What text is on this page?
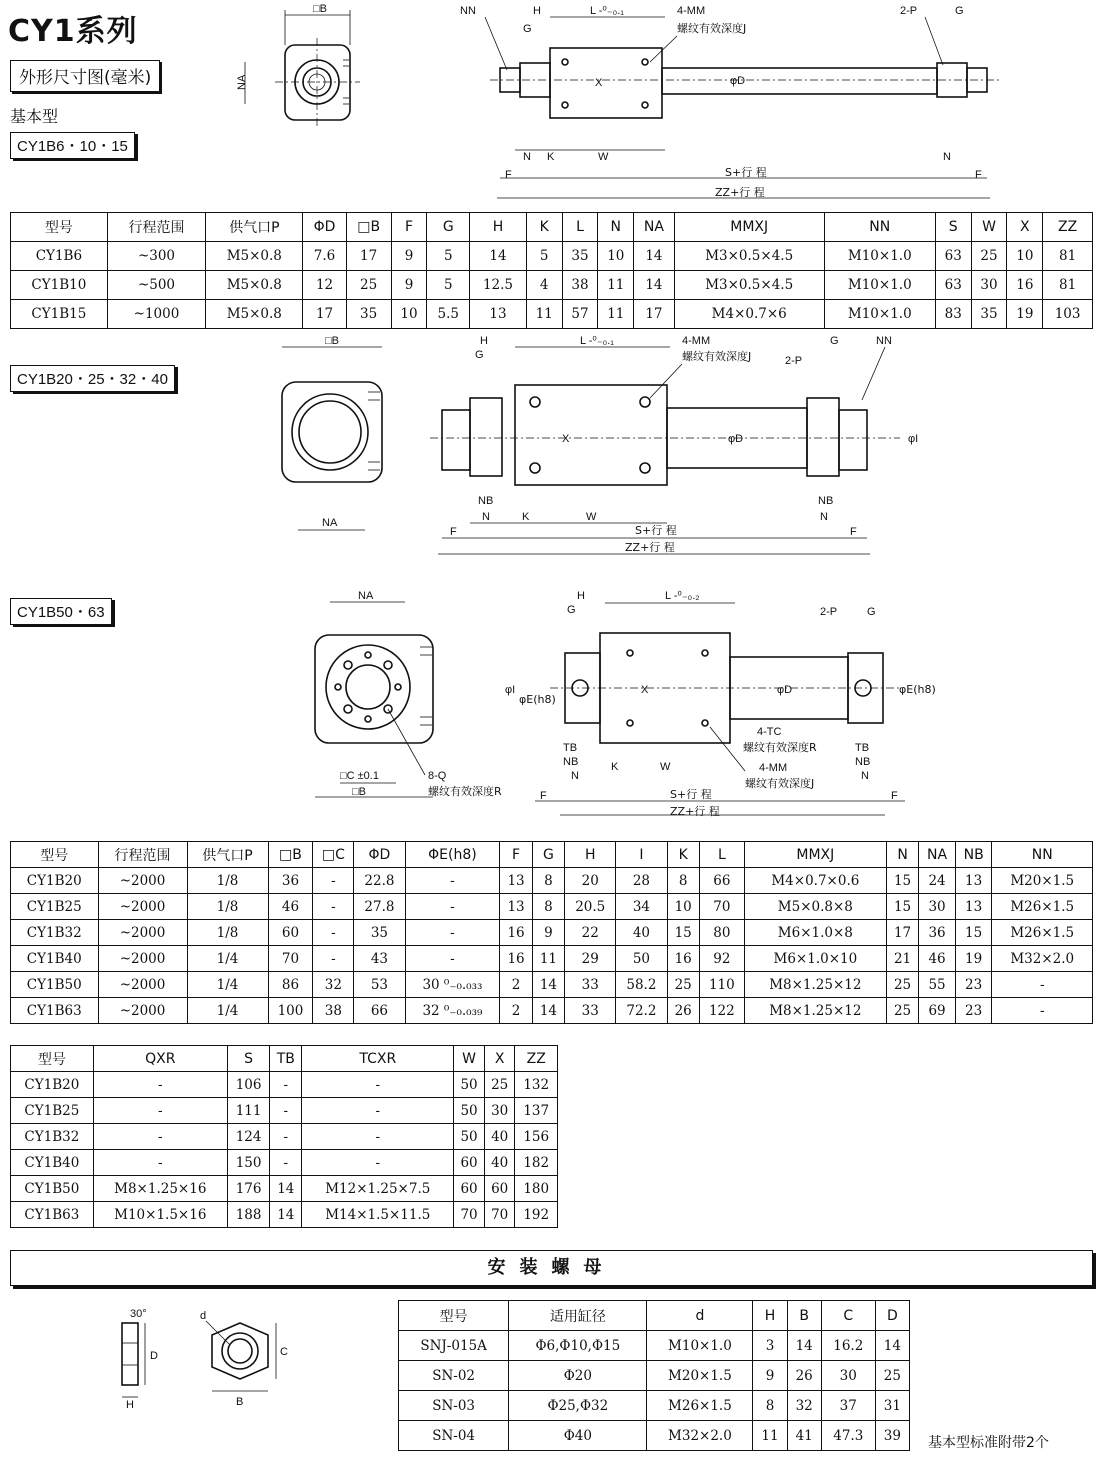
CY1系列
外形尺寸图(毫米)
基本型
CY1B6・10・15
CY1B20・25・32・40
CY1B50・63
□B
NA
NN	H
G
L -⁰₋₀.₁	4-MM
螺纹有效深度J
2-P	G
X	φD
N K	W	N
F	F
S+行 程
ZZ+行 程
型号	行程范围	供气口P	ΦD	□B	F	G	H	K	L	N	NA	MMXJ	NN	S	W	X	ZZ
CY1B6	~300	M5×0.8	7.6	17	9	5	14	5	35	10	14	M3×0.5×4.5	M10×1.0	63	25	10	81
CY1B10	~500	M5×0.8	12	25	9	5	12.5	4	38	11	14	M3×0.5×4.5	M10×1.0	63	30	16	81
CY1B15	~1000	M5×0.8	17	35	10	5.5	13	11	57	11	17	M4×0.7×6	M10×1.0	83	35	19	103
□B
NA
H
G
L -⁰₋₀.₁	4-MM
螺纹有效深度J	2-P
G	NN
X	φD	φI
NB
N	K	W
NB
N
F	F
S+行 程
ZZ+行 程
NA
8-Q
螺纹有效深度R
□C ±0.1
□B
H
G
L -⁰₋₀.₂
2-P	G
X	φD
φI
φE(h8)
φE(h8)
4-TC
螺纹有效深度R
4-MM
螺纹有效深度J
TB
NB
N
K	W
TB
NB
N
F	F
S+行 程
ZZ+行 程
型号	行程范围	供气口P	□B	□C	ΦD	ΦE(h8)	F	G	H	I	K	L	MMXJ	N	NA	NB	NN
CY1B20	~2000	1/8	36	-	22.8	-	13	8	20	28	8	66	M4×0.7×0.6	15	24	13	M20×1.5
CY1B25	~2000	1/8	46	-	27.8	-	13	8	20.5	34	10	70	M5×0.8×8	15	30	13	M26×1.5
CY1B32	~2000	1/8	60	-	35	-	16	9	22	40	15	80	M6×1.0×8	17	36	15	M26×1.5
CY1B40	~2000	1/4	70	-	43	-	16	11	29	50	16	92	M6×1.0×10	21	46	19	M32×2.0
CY1B50	~2000	1/4	86	32	53	30 ⁰₋₀.₀₃₃	2	14	33	58.2	25	110	M8×1.25×12	25	55	23	-
CY1B63	~2000	1/4	100	38	66	32 ⁰₋₀.₀₃₉	2	14	33	72.2	26	122	M8×1.25×12	25	69	23	-
型号	QXR	S	TB	TCXR	W	X	ZZ
CY1B20	-	106	-	-	50	25	132
CY1B25	-	111	-	-	50	30	137
CY1B32	-	124	-	-	50	40	156
CY1B40	-	150	-	-	60	40	182
CY1B50	M8×1.25×16	176	14	M12×1.25×7.5	60	60	180
CY1B63	M10×1.5×16	188	14	M14×1.5×11.5	70	70	192
安装螺母
30°
D
H
d
C
B
型号	适用缸径	d	H	B	C	D
SNJ-015A	Φ6,Φ10,Φ15	M10×1.0	3	14	16.2	14
SN-02	Φ20	M20×1.5	9	26	30	25
SN-03	Φ25,Φ32	M26×1.5	8	32	37	31
SN-04	Φ40	M32×2.0	11	41	47.3	39 基本型标准附带2个
